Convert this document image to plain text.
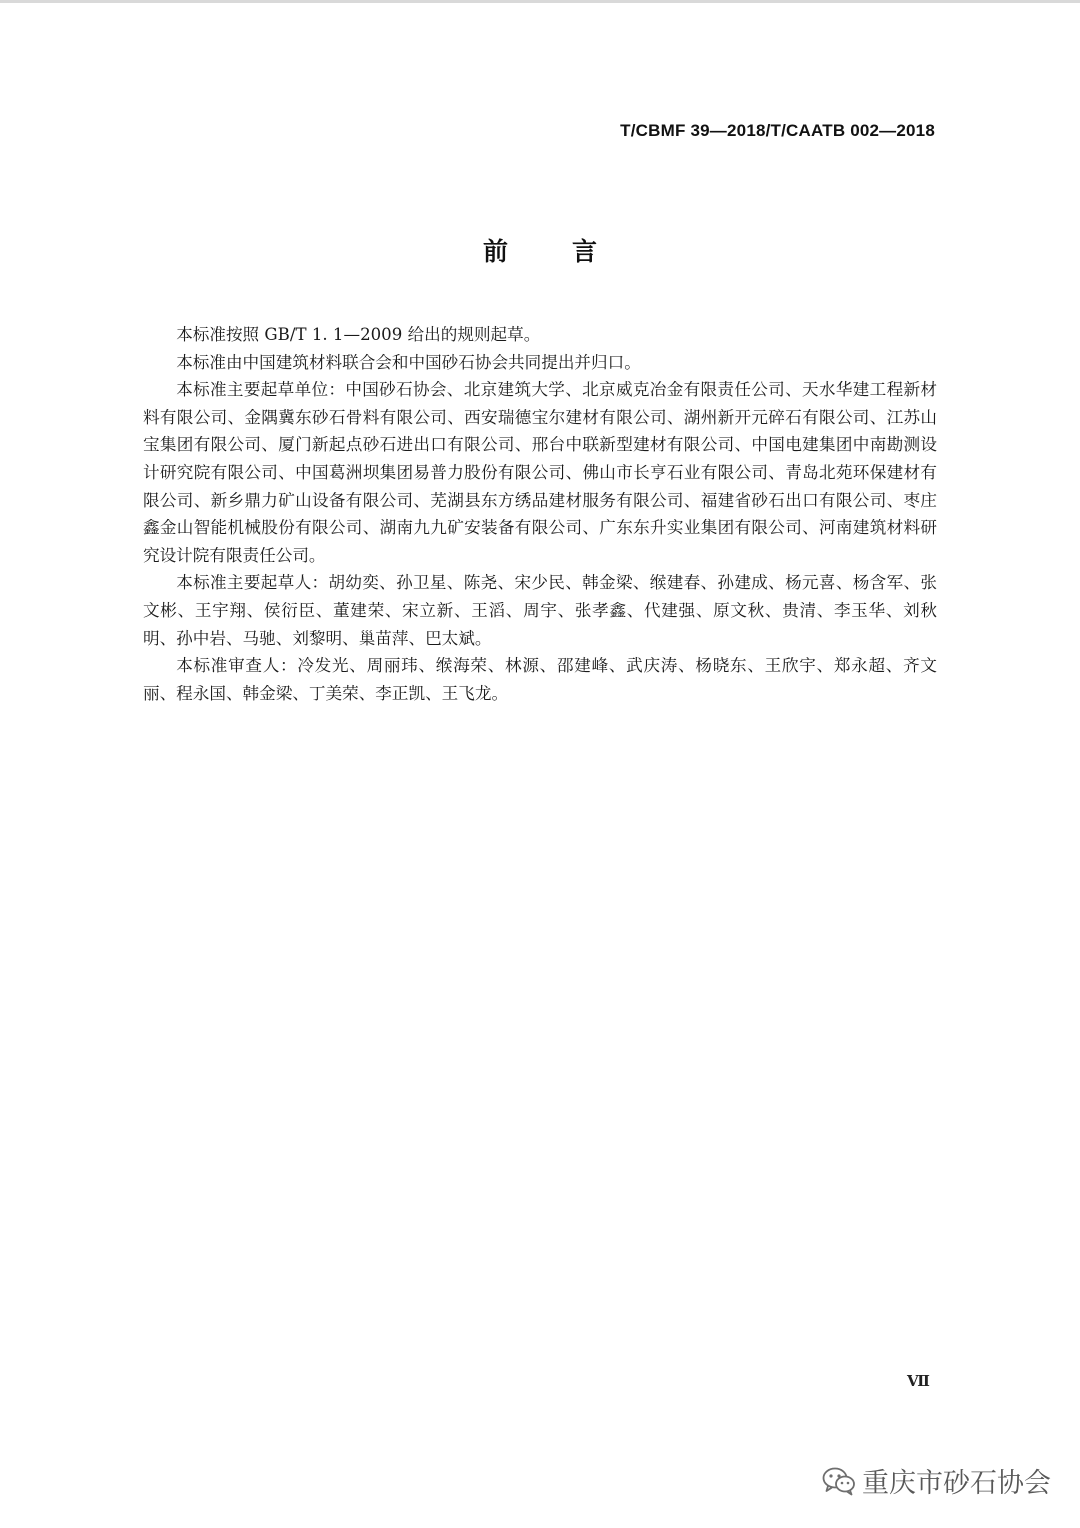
T/CBMF 39—2018/T/CAATB 002—2018
前言

本标准按照 GB/T 1. 1—2009 给出的规则起草。

本标准由中国建筑材料联合会和中国砂石协会共同提出并归口。

本标准主要起草单位：中国砂石协会、北京建筑大学、北京威克冶金有限责任公司、天水华建工程新材料有限公司、金隅冀东砂石骨料有限公司、西安瑞德宝尔建材有限公司、湖州新开元碎石有限公司、江苏山宝集团有限公司、厦门新起点砂石进出口有限公司、邢台中联新型建材有限公司、中国电建集团中南勘测设计研究院有限公司、中国葛洲坝集团易普力股份有限公司、佛山市长亨石业有限公司、青岛北苑环保建材有限公司、新乡鼎力矿山设备有限公司、芜湖县东方绣品建材服务有限公司、福建省砂石出口有限公司、枣庄鑫金山智能机械股份有限公司、湖南九九矿安装备有限公司、广东东升实业集团有限公司、河南建筑材料研究设计院有限责任公司。

本标准主要起草人：胡幼奕、孙卫星、陈尧、宋少民、韩金梁、缑建春、孙建成、杨元喜、杨含军、张文彬、王宇翔、侯衍臣、董建荣、宋立新、王滔、周宇、张孝鑫、代建强、原文秋、贵清、李玉华、刘秋明、孙中岩、马驰、刘黎明、巢苗萍、巴太斌。

本标准审查人：冷发光、周丽玮、缑海荣、林源、邵建峰、武庆涛、杨晓东、王欣宇、郑永超、齐文丽、程永国、韩金梁、丁美荣、李正凯、王飞龙。

Ⅶ
重庆市砂石协会
